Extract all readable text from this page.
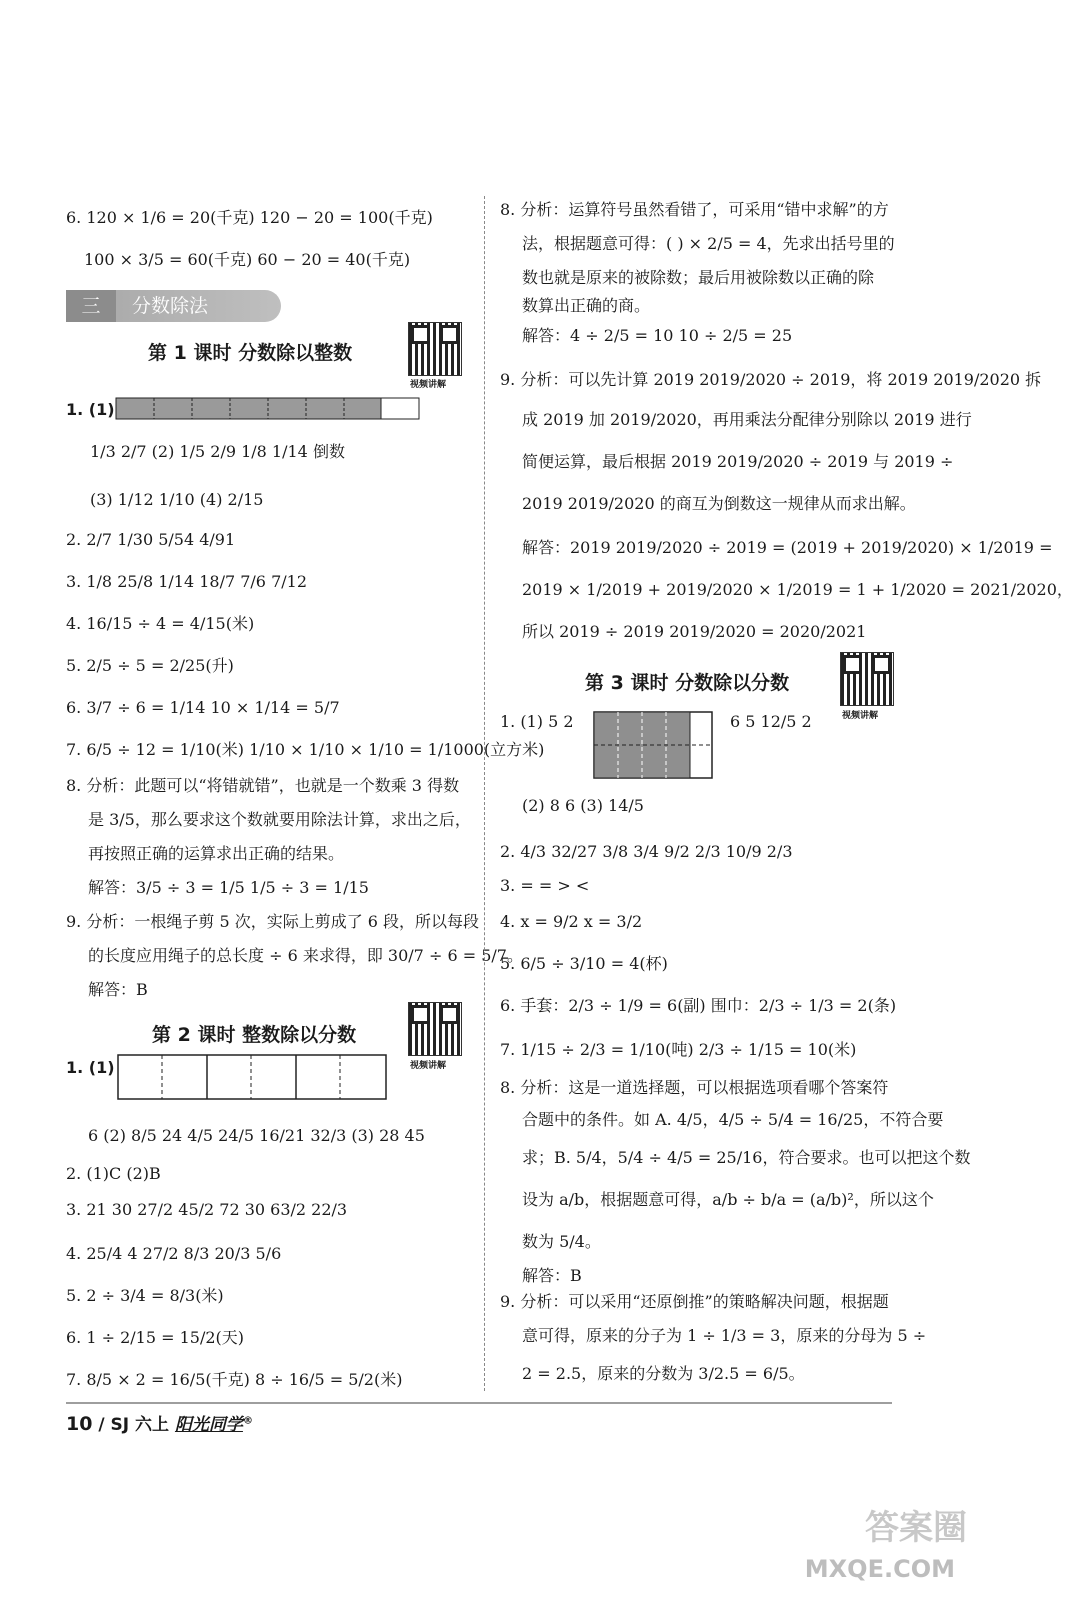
6. 120 × 1/6 = 20(千克) 120 − 20 = 100(千克)
100 × 3/5 = 60(千克) 60 − 20 = 40(千克)
三 分数除法
第 1 课时 分数除以整数
视频讲解
1. (1)
1/3 2/7 (2) 1/5 2/9 1/8 1/14 倒数
(3) 1/12 1/10 (4) 2/15
2. 2/7 1/30 5/54 4/91
3. 1/8 25/8 1/14 18/7 7/6 7/12
4. 16/15 ÷ 4 = 4/15(米)
5. 2/5 ÷ 5 = 2/25(升)
6. 3/7 ÷ 6 = 1/14 10 × 1/14 = 5/7
7. 6/5 ÷ 12 = 1/10(米) 1/10 × 1/10 × 1/10 = 1/1000(立方米)
8. 分析：此题可以“将错就错”，也就是一个数乘 3 得数
是 3/5，那么要求这个数就要用除法计算，求出之后，
再按照正确的运算求出正确的结果。
解答：3/5 ÷ 3 = 1/5 1/5 ÷ 3 = 1/15
9. 分析：一根绳子剪 5 次，实际上剪成了 6 段，所以每段
的长度应用绳子的总长度 ÷ 6 来求得，即 30/7 ÷ 6 = 5/7。
解答：B
第 2 课时 整数除以分数
视频讲解
1. (1)
6 (2) 8/5 24 4/5 24/5 16/21 32/3 (3) 28 45
2. (1)C (2)B
3. 21 30 27/2 45/2 72 30 63/2 22/3
4. 25/4 4 27/2 8/3 20/3 5/6
5. 2 ÷ 3/4 = 8/3(米)
6. 1 ÷ 2/15 = 15/2(天)
7. 8/5 × 2 = 16/5(千克) 8 ÷ 16/5 = 5/2(米)
8. 分析：运算符号虽然看错了，可采用“错中求解”的方
法，根据题意可得：( ) × 2/5 = 4，先求出括号里的
数也就是原来的被除数；最后用被除数以正确的除
数算出正确的商。
解答：4 ÷ 2/5 = 10 10 ÷ 2/5 = 25
9. 分析：可以先计算 2019 2019/2020 ÷ 2019，将 2019 2019/2020 拆
成 2019 加 2019/2020，再用乘法分配律分别除以 2019 进行
简便运算，最后根据 2019 2019/2020 ÷ 2019 与 2019 ÷
2019 2019/2020 的商互为倒数这一规律从而求出解。
解答：2019 2019/2020 ÷ 2019 = (2019 + 2019/2020) × 1/2019 =
2019 × 1/2019 + 2019/2020 × 1/2019 = 1 + 1/2020 = 2021/2020，
所以 2019 ÷ 2019 2019/2020 = 2020/2021
第 3 课时 分数除以分数
视频讲解
1. (1) 5 2	6 5 12/5 2
(2) 8 6 (3) 14/5
2. 4/3 32/27 3/8 3/4 9/2 2/3 10/9 2/3
3. = = > <
4. x = 9/2 x = 3/2
5. 6/5 ÷ 3/10 = 4(杯)
6. 手套：2/3 ÷ 1/9 = 6(副) 围巾：2/3 ÷ 1/3 = 2(条)
7. 1/15 ÷ 2/3 = 1/10(吨) 2/3 ÷ 1/15 = 10(米)
8. 分析：这是一道选择题，可以根据选项看哪个答案符
合题中的条件。如 A. 4/5，4/5 ÷ 5/4 = 16/25，不符合要
求；B. 5/4，5/4 ÷ 4/5 = 25/16，符合要求。也可以把这个数
设为 a/b，根据题意可得，a/b ÷ b/a = (a/b)²，所以这个
数为 5/4。
解答：B
9. 分析：可以采用“还原倒推”的策略解决问题，根据题
意可得，原来的分子为 1 ÷ 1/3 = 3，原来的分母为 5 ÷
2 = 2.5，原来的分数为 3/2.5 = 6/5。
10 / SJ 六上 阳光同学®
答案圈
MXQE.COM
